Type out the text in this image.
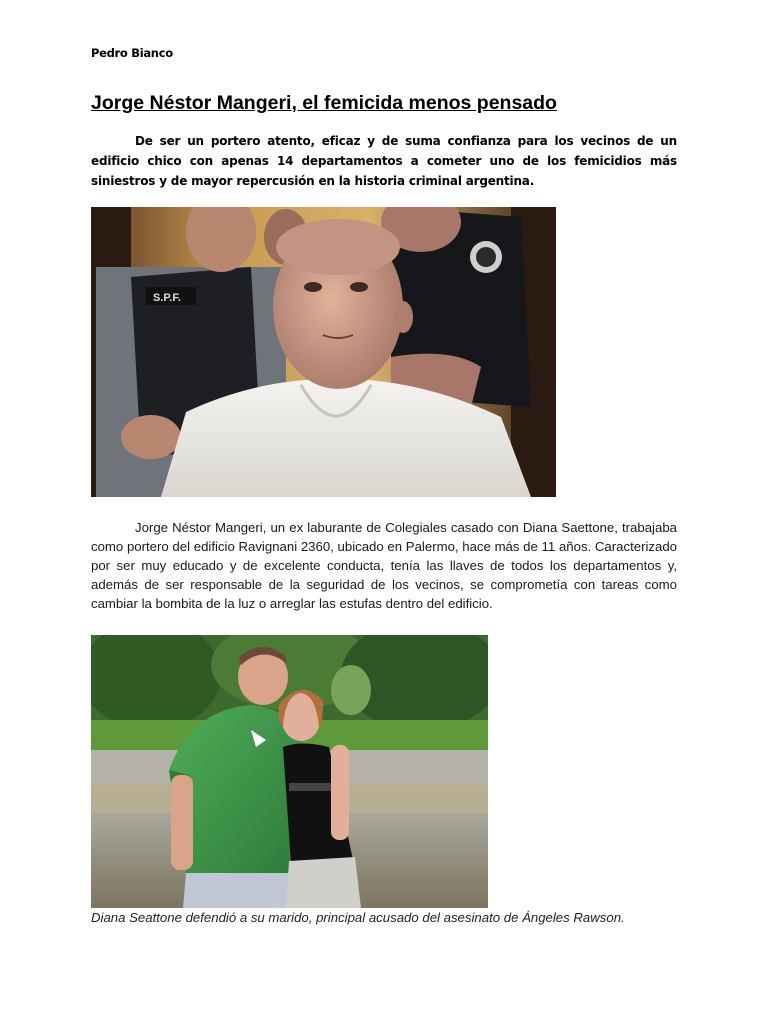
Pedro Bianco
Jorge Néstor Mangeri, el femicida menos pensado

De ser un portero atento, eficaz y de suma confianza para los vecinos de un edificio chico con apenas 14 departamentos a cometer uno de los femicidios más siniestros y de mayor repercusión en la historia criminal argentina.

S.P.F.

Jorge Néstor Mangeri, un ex laburante de Colegiales casado con Diana Saettone, trabajaba como portero del edificio Ravignani 2360, ubicado en Palermo, hace más de 11 años. Caracterizado por ser muy educado y de excelente conducta, tenía las llaves de todos los departamentos y, además de ser responsable de la seguridad de los vecinos, se comprometía con tareas como cambiar la bombita de la luz o arreglar las estufas dentro del edificio.

Diana Seattone defendió a su marido, principal acusado del asesinato de Ángeles Rawson.
